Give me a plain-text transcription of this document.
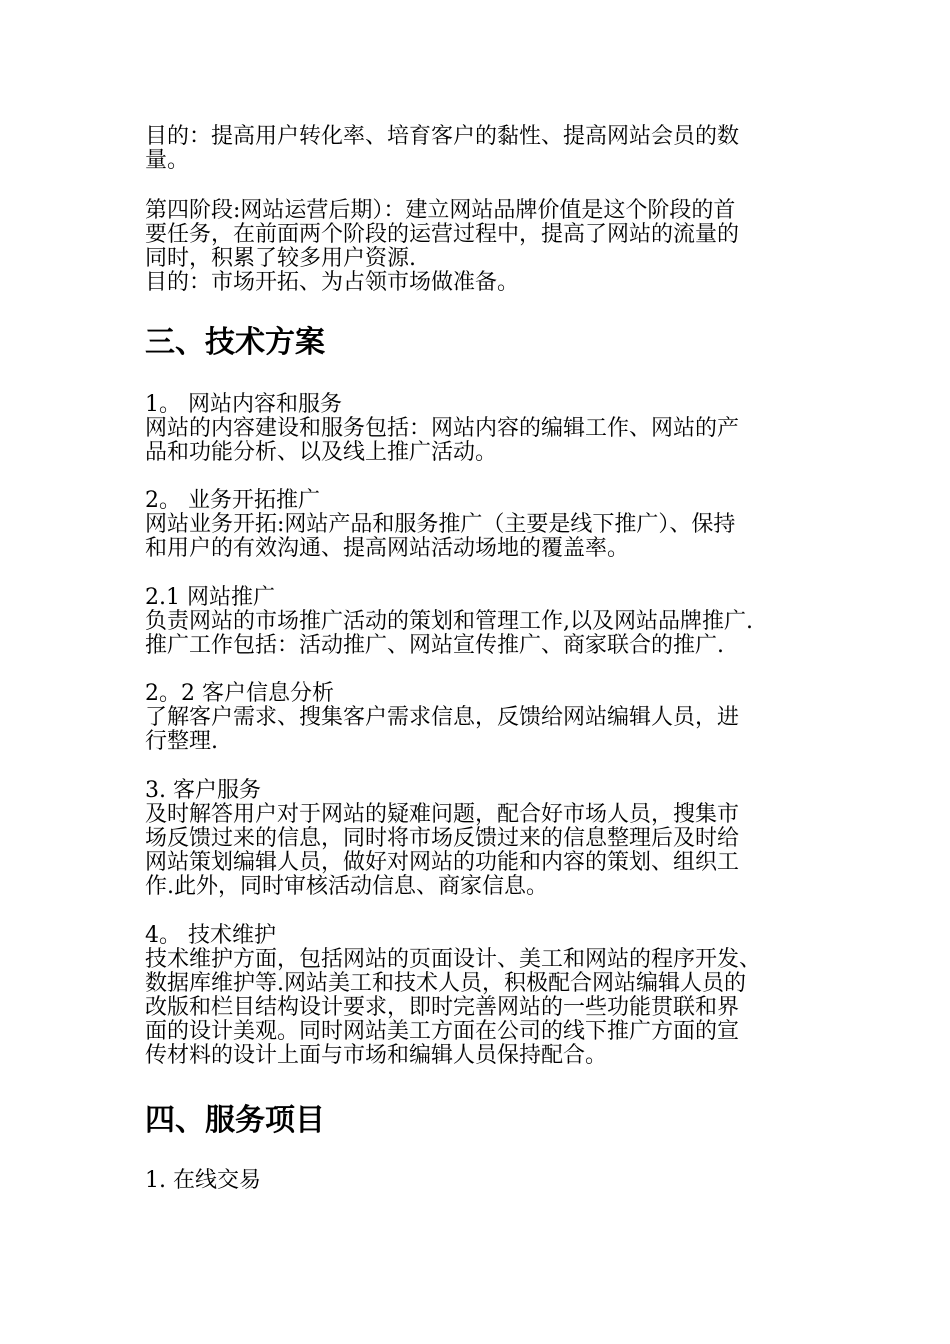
目的：提高用户转化率、培育客户的黏性、提高网站会员的数
量。

第四阶段:网站运营后期）：建立网站品牌价值是这个阶段的首
要任务，在前面两个阶段的运营过程中，提高了网站的流量的
同时，积累了较多用户资源.
目的：市场开拓、为占领市场做准备。

三、技术方案

1。 网站内容和服务
网站的内容建设和服务包括：网站内容的编辑工作、网站的产
品和功能分析、以及线上推广活动。

2。 业务开拓推广
网站业务开拓:网站产品和服务推广（主要是线下推广）、保持
和用户的有效沟通、提高网站活动场地的覆盖率。

2.1 网站推广
负责网站的市场推广活动的策划和管理工作,以及网站品牌推广.
推广工作包括：活动推广、网站宣传推广、商家联合的推广.

2。2 客户信息分析
了解客户需求、搜集客户需求信息，反馈给网站编辑人员，进
行整理.

3. 客户服务
及时解答用户对于网站的疑难问题，配合好市场人员，搜集市
场反馈过来的信息，同时将市场反馈过来的信息整理后及时给
网站策划编辑人员，做好对网站的功能和内容的策划、组织工
作.此外，同时审核活动信息、商家信息。

4。 技术维护
技术维护方面，包括网站的页面设计、美工和网站的程序开发、
数据库维护等.网站美工和技术人员，积极配合网站编辑人员的
改版和栏目结构设计要求，即时完善网站的一些功能贯联和界
面的设计美观。同时网站美工方面在公司的线下推广方面的宣
传材料的设计上面与市场和编辑人员保持配合。

四、服务项目

1. 在线交易
